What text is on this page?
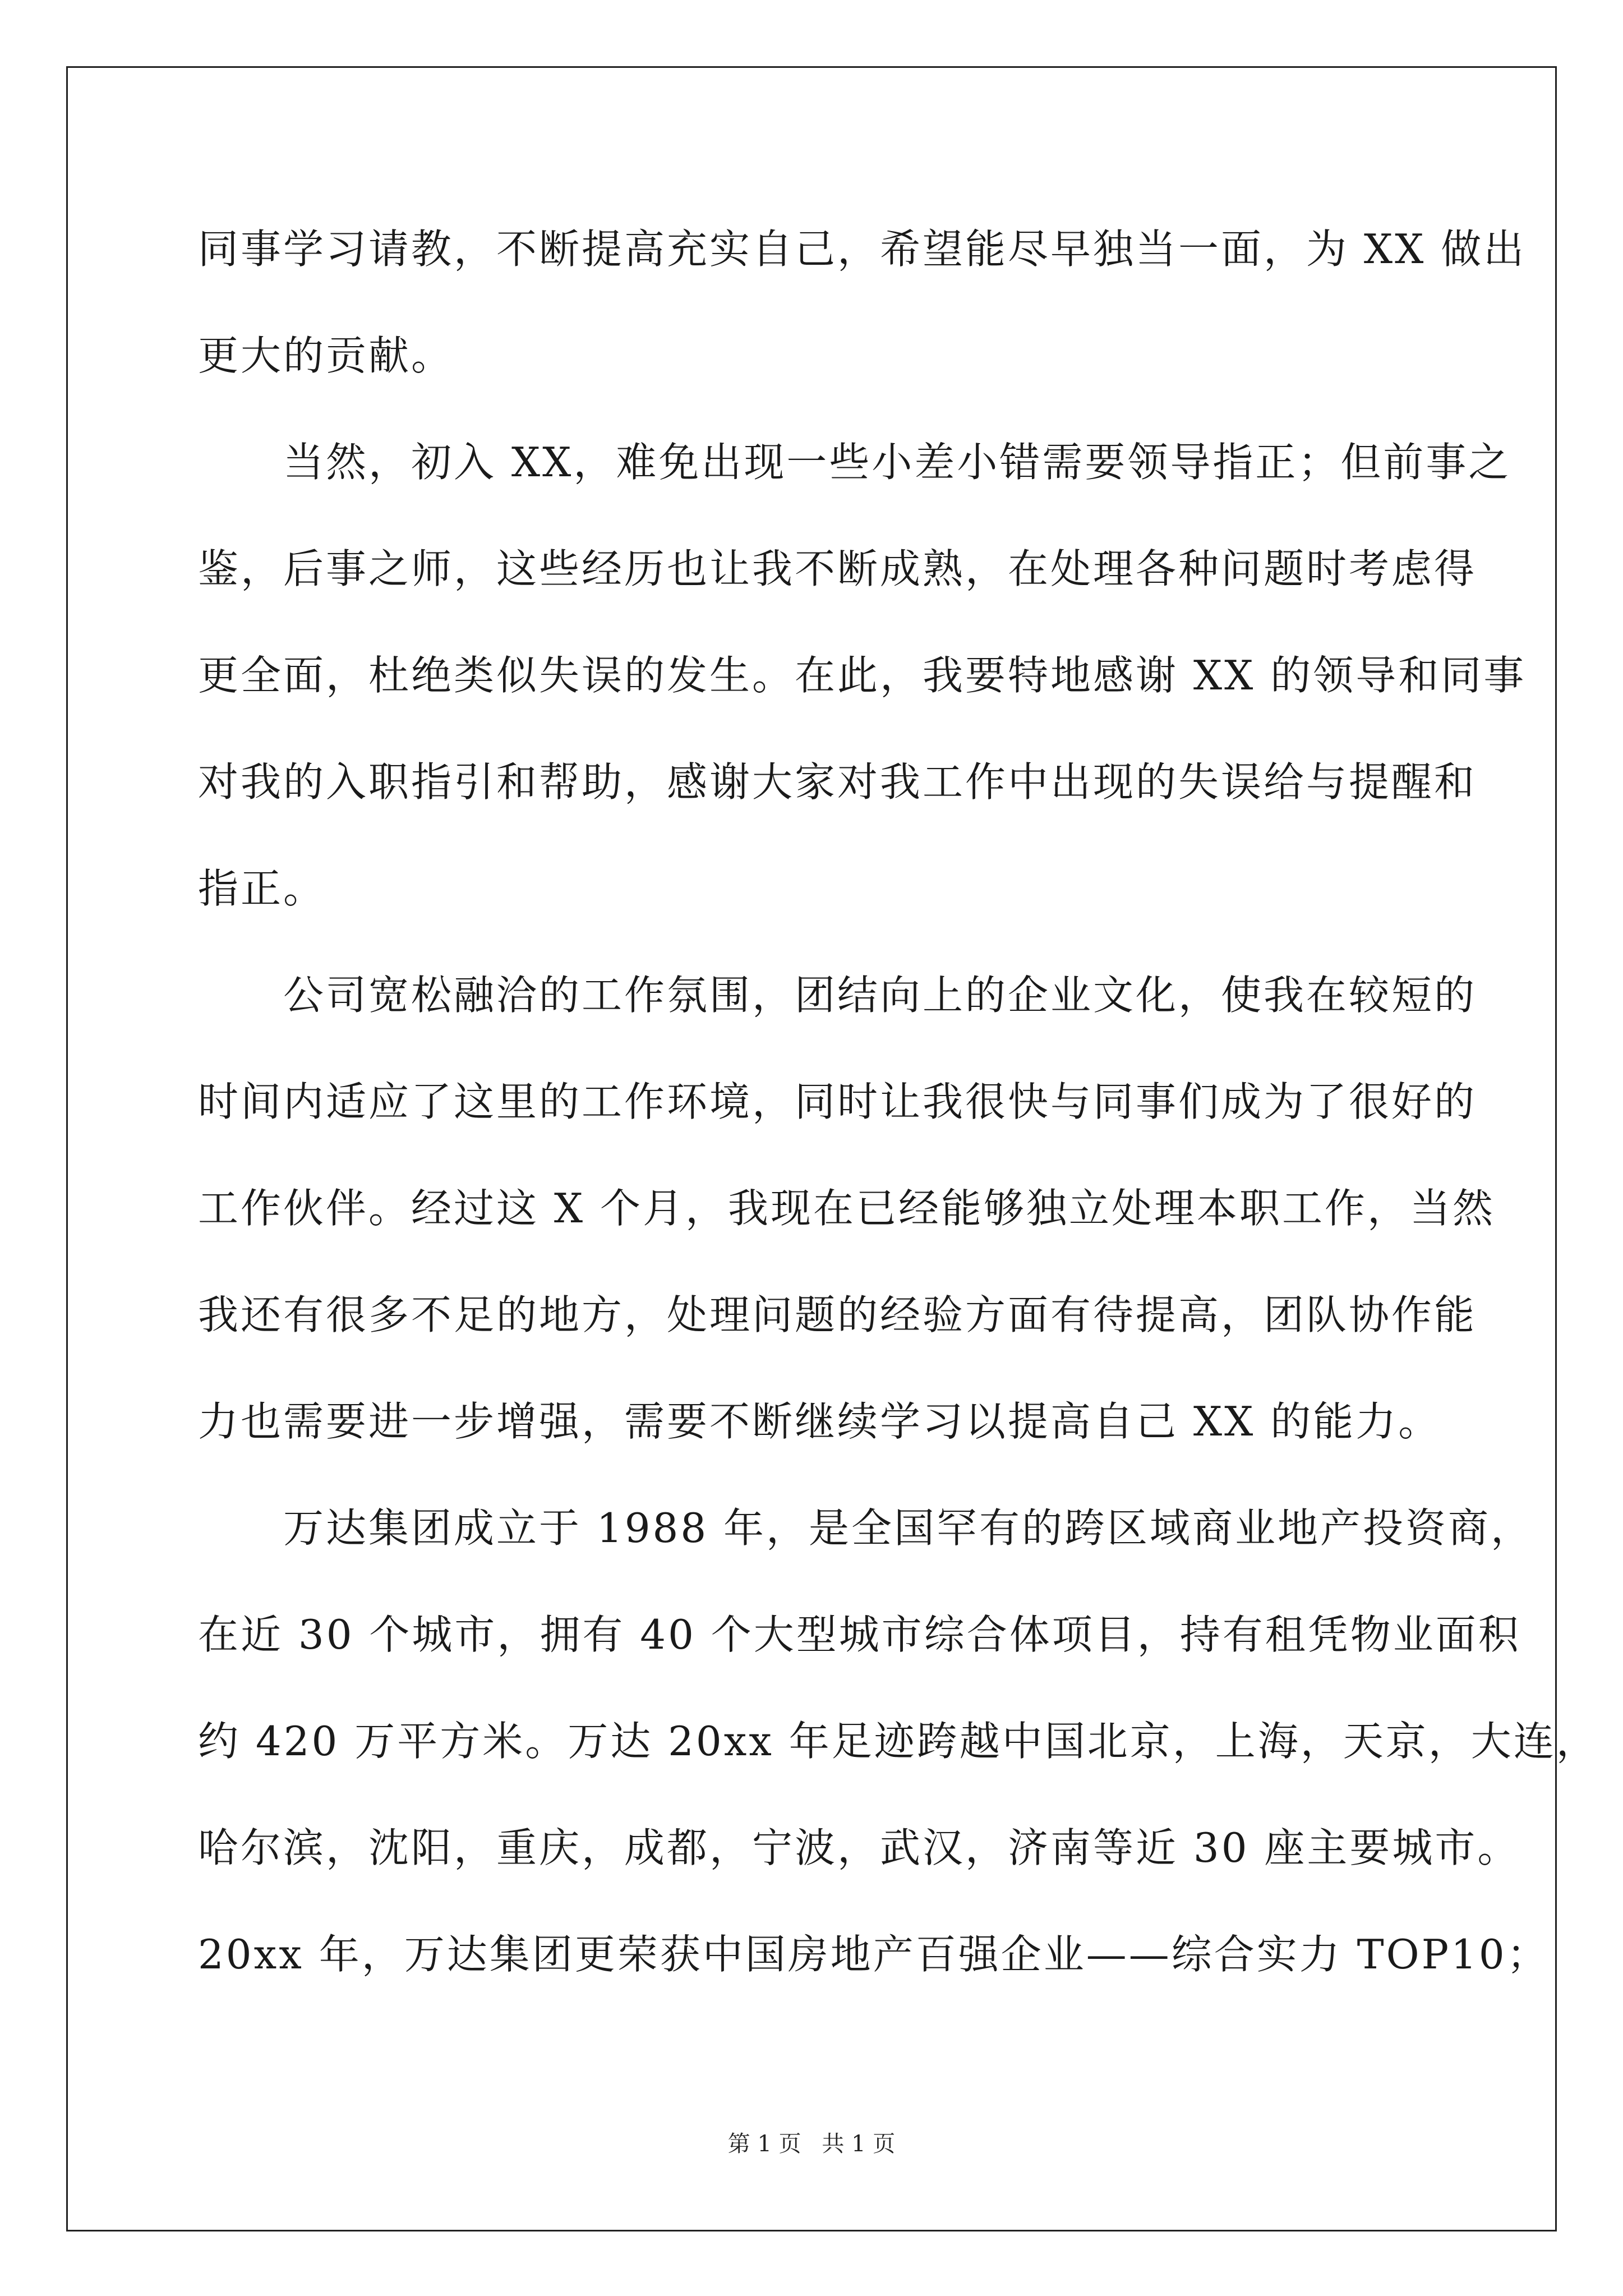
同事学习请教，不断提高充实自己，希望能尽早独当一面，为 XX 做出
更大的贡献。
　　当然，初入 XX，难免出现一些小差小错需要领导指正；但前事之
鉴，后事之师，这些经历也让我不断成熟，在处理各种问题时考虑得
更全面，杜绝类似失误的发生。在此，我要特地感谢 XX 的领导和同事
对我的入职指引和帮助，感谢大家对我工作中出现的失误给与提醒和
指正。
　　公司宽松融洽的工作氛围，团结向上的企业文化，使我在较短的
时间内适应了这里的工作环境，同时让我很快与同事们成为了很好的
工作伙伴。经过这 X 个月，我现在已经能够独立处理本职工作，当然
我还有很多不足的地方，处理问题的经验方面有待提高，团队协作能
力也需要进一步增强，需要不断继续学习以提高自己 XX 的能力。
　　万达集团成立于 1988 年，是全国罕有的跨区域商业地产投资商，
在近 30 个城市，拥有 40 个大型城市综合体项目，持有租凭物业面积
约 420 万平方米。万达 20xx 年足迹跨越中国北京，上海，天京，大连，
哈尔滨，沈阳，重庆，成都，宁波，武汉，济南等近 30 座主要城市。
20xx 年，万达集团更荣获中国房地产百强企业——综合实力 TOP10；
第 1 页 共 1 页
